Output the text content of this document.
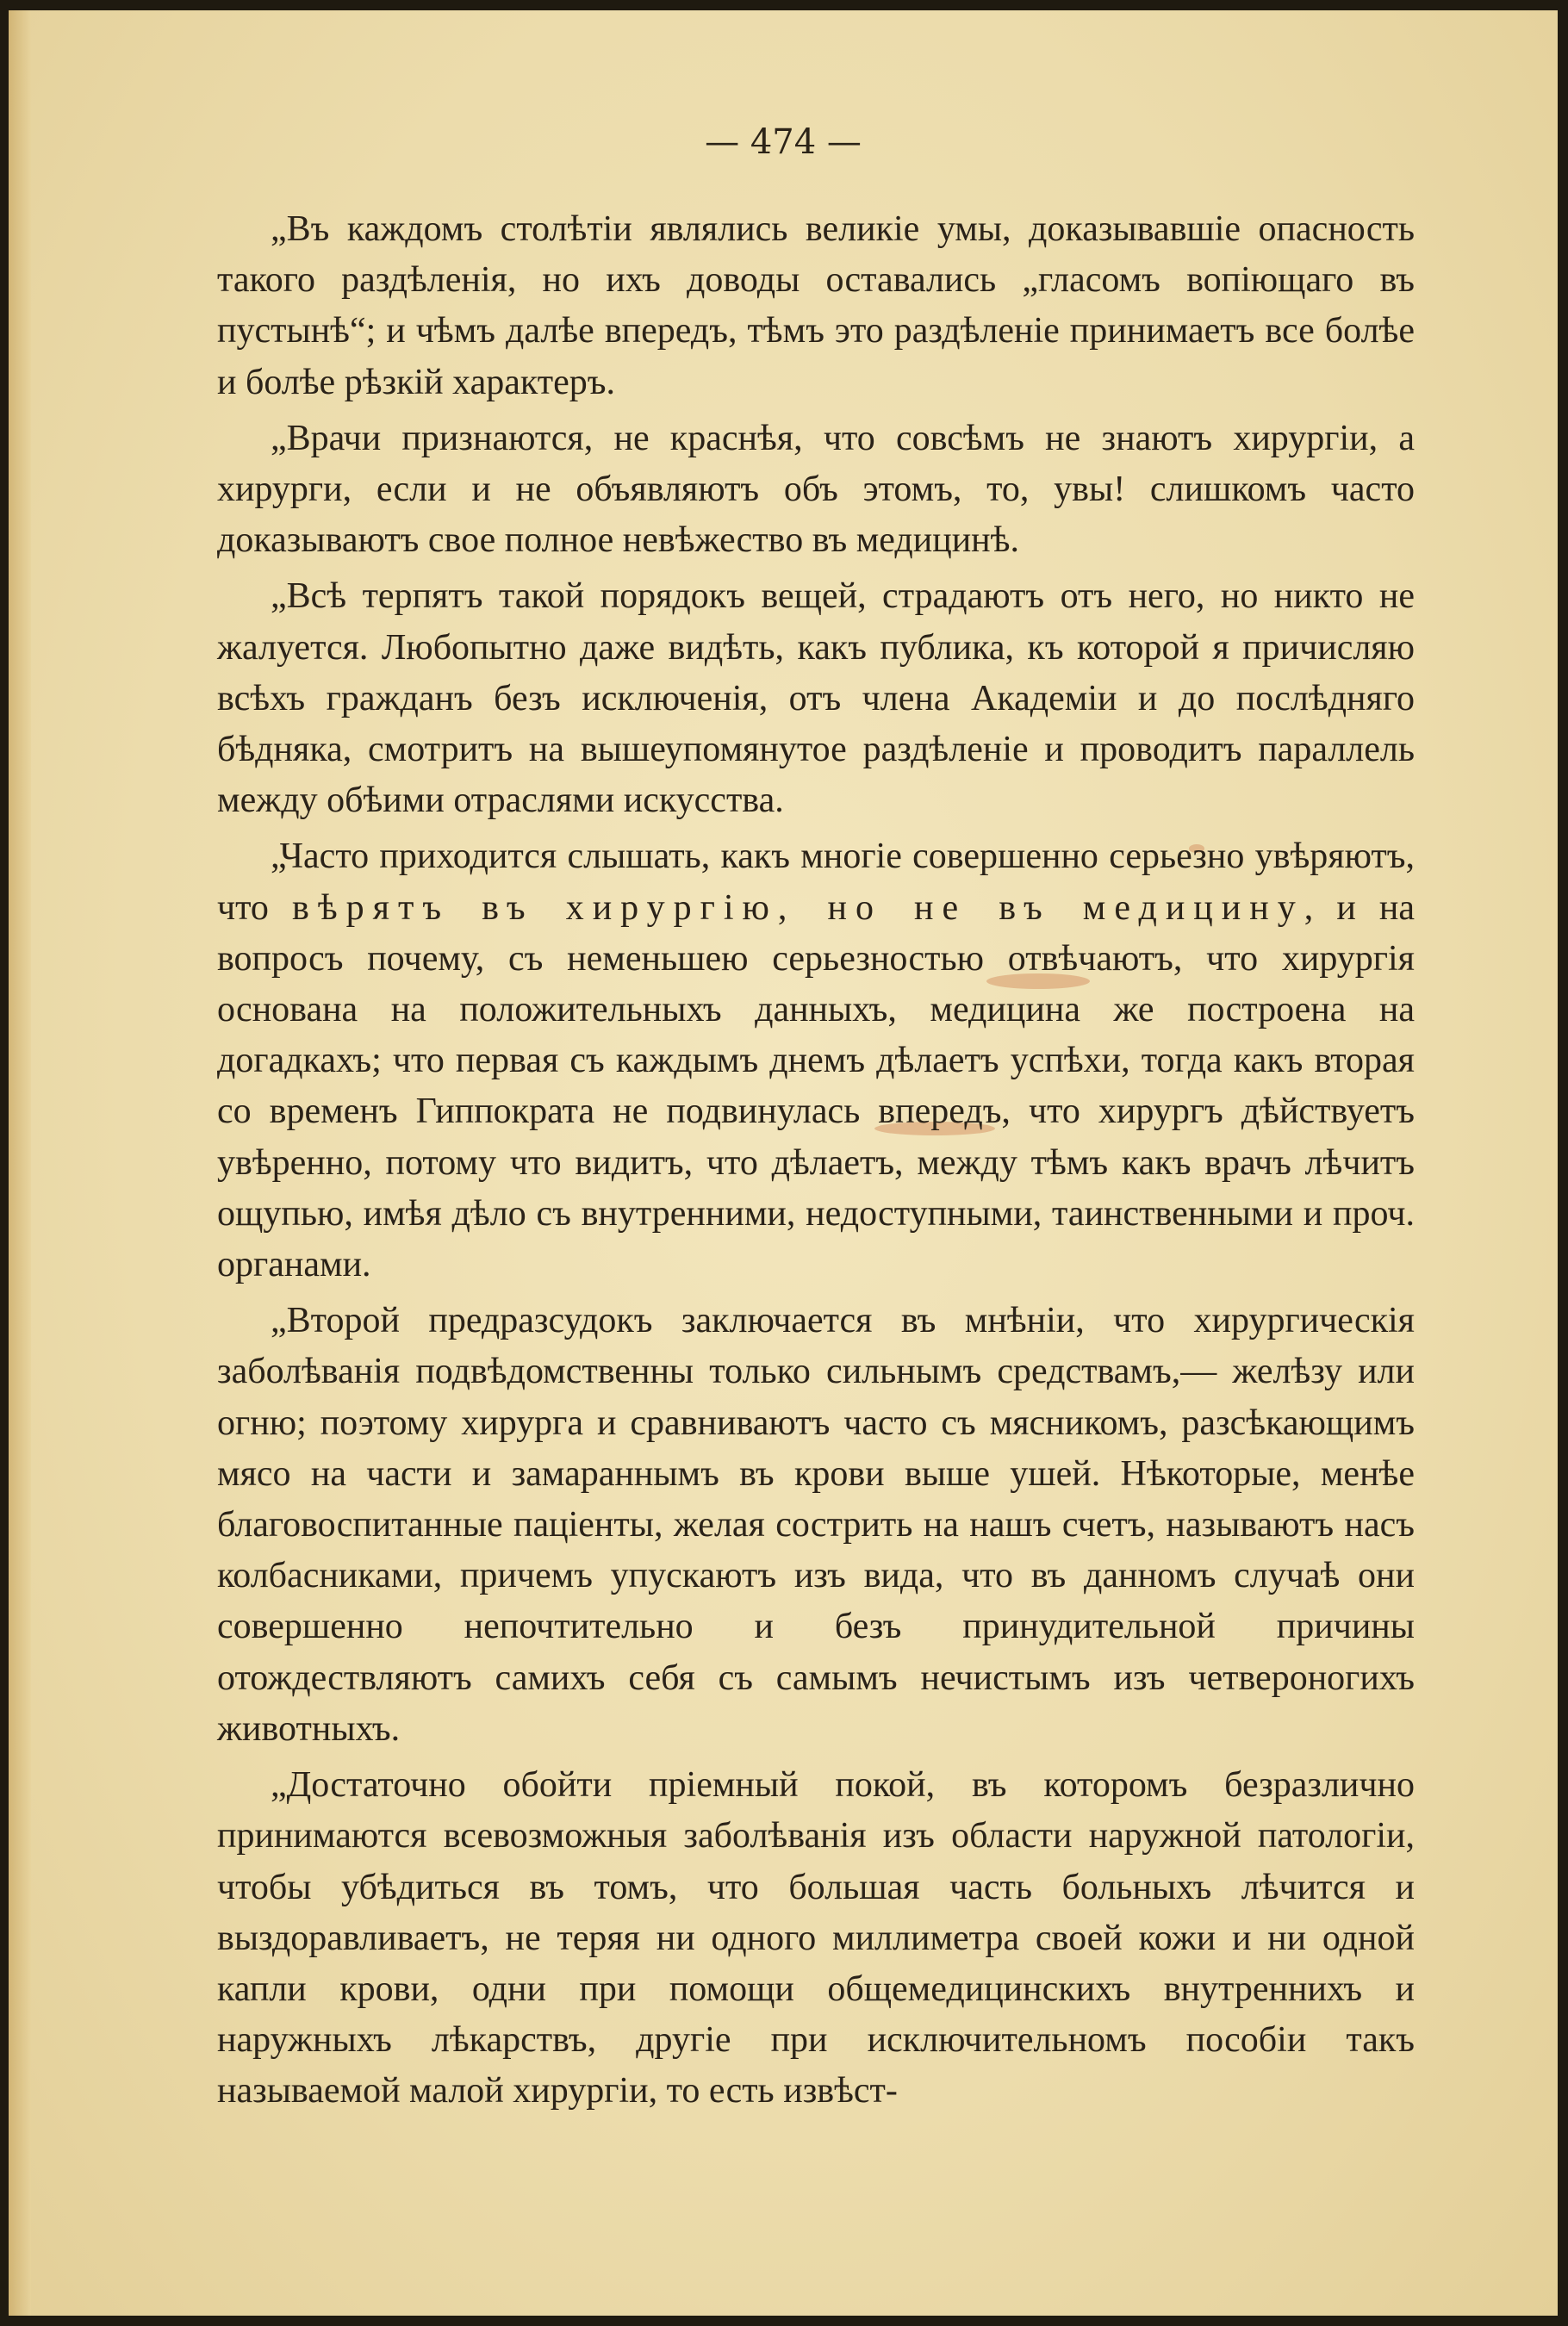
— 474 —

„Въ каждомъ столѣтіи являлись великіе умы, доказывавшіе опасность такого раздѣленія, но ихъ доводы оставались „гласомъ вопіющаго въ пустынѣ“; и чѣмъ далѣе впередъ, тѣмъ это раздѣленіе принимаетъ все болѣе и болѣе рѣзкій характеръ.

„Врачи признаются, не краснѣя, что совсѣмъ не знаютъ хирургіи, а хирурги, если и не объявляютъ объ этомъ, то, увы! слишкомъ часто доказываютъ свое полное невѣжество въ медицинѣ.

„Всѣ терпятъ такой порядокъ вещей, страдаютъ отъ него, но никто не жалуется. Любопытно даже видѣть, какъ публика, къ которой я причисляю всѣхъ гражданъ безъ исключенія, отъ члена Академіи и до послѣдняго бѣдняка, смотритъ на вышеупомянутое раздѣленіе и проводитъ параллель между обѣими отраслями искусства.

„Часто приходится слышать, какъ многіе совершенно серьезно увѣряютъ, что вѣрятъ въ хирургію, но не въ медицину, и на вопросъ почему, съ неменьшею серьезностью отвѣчаютъ, что хирургія основана на положительныхъ данныхъ, медицина же построена на догадкахъ; что первая съ каждымъ днемъ дѣлаетъ успѣхи, тогда какъ вторая со временъ Гиппократа не подвинулась впередъ, что хирургъ дѣйствуетъ увѣренно, потому что видитъ, что дѣлаетъ, между тѣмъ какъ врачъ лѣчитъ ощупью, имѣя дѣло съ внутренними, недоступными, таинственными и проч. органами.

„Второй предразсудокъ заключается въ мнѣніи, что хирургическія заболѣванія подвѣдомственны только сильнымъ средствамъ,— желѣзу или огню; поэтому хирурга и сравниваютъ часто съ мясникомъ, разсѣкающимъ мясо на части и замараннымъ въ крови выше ушей. Нѣкоторые, менѣе благовоспитанные паціенты, желая сострить на нашъ счетъ, называютъ насъ колбасниками, причемъ упускаютъ изъ вида, что въ данномъ случаѣ они совершенно непочтительно и безъ принудительной причины отождествляютъ самихъ себя съ самымъ нечистымъ изъ четвероногихъ животныхъ.

„Достаточно обойти пріемный покой, въ которомъ безразлично принимаются всевозможныя заболѣванія изъ области наружной патологіи, чтобы убѣдиться въ томъ, что большая часть больныхъ лѣчится и выздоравливаетъ, не теряя ни одного миллиметра своей кожи и ни одной капли крови, одни при помощи общемедицинскихъ внутреннихъ и наружныхъ лѣкарствъ, другіе при исключительномъ пособіи такъ называемой малой хирургіи, то есть извѣст-
